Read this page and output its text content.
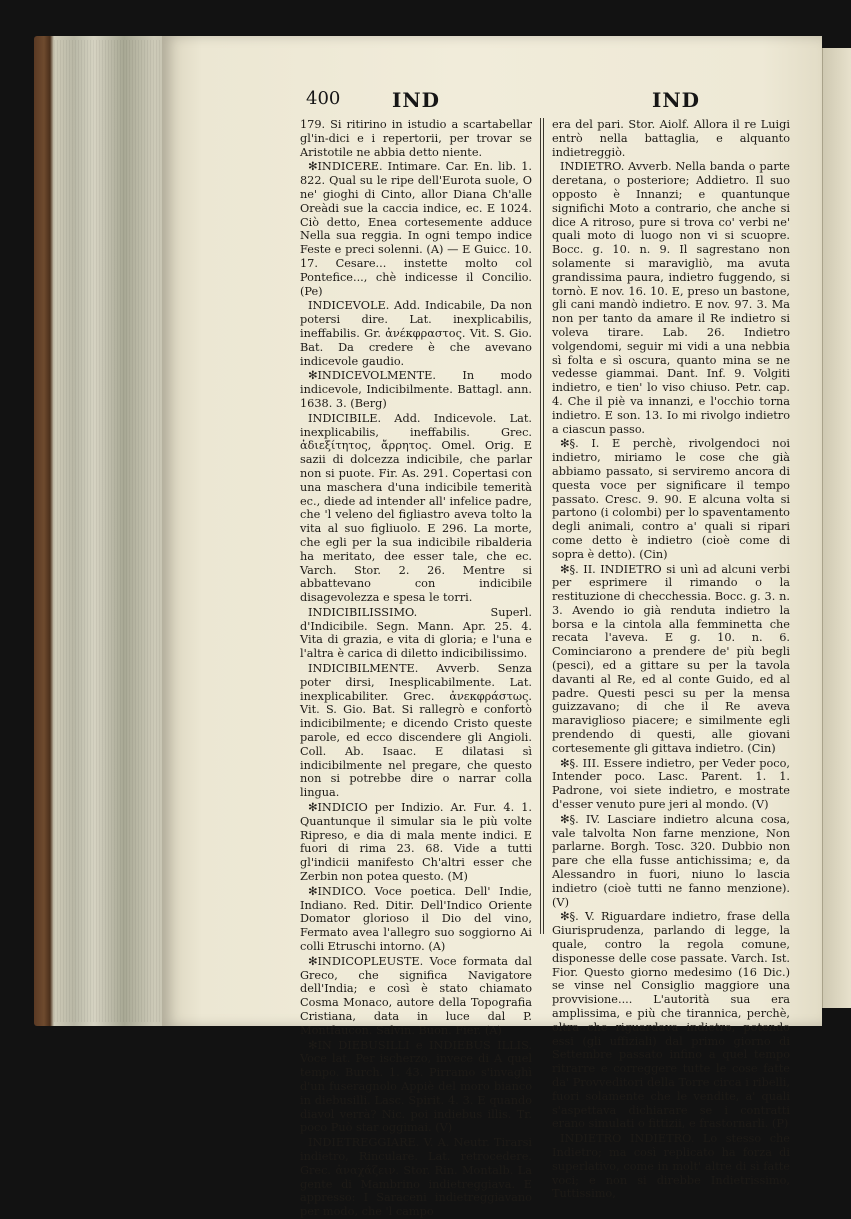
400	IND	IND

179. Si ritirino in istudio a scartabellar gl'in-dici e i repertorii, per trovar se Aristotile ne abbia detto niente.

✻INDICERE. Intimare. Car. En. lib. 1. 822. Qual su le ripe dell'Eurota suole, O ne' gioghi di Cinto, allor Diana Ch'alle Oreàdi sue la caccia indice, ec. E 1024. Ciò detto, Enea cortesemente adduce Nella sua reggia. In ogni tempo indice Feste e preci solenni. (A) — E Guicc. 10. 17. Cesare... instette molto col Pontefice..., chè indicesse il Concilio. (Pe)

INDICEVOLE. Add. Indicabile, Da non potersi dire. Lat. inexplicabilis, ineffabilis. Gr. ἀνέκφραστος. Vit. S. Gio. Bat. Da credere è che avevano indicevole gaudio.

✻INDICEVOLMENTE. In modo indicevole, Indicibilmente. Battagl. ann. 1638. 3. (Berg)

INDICIBILE. Add. Indicevole. Lat. inexplicabilis, ineffabilis. Grec. ἀδιεξίτητος, ἄρρητος. Omel. Orig. E sazii di dolcezza indicibile, che parlar non si puote. Fir. As. 291. Copertasi con una maschera d'una indicibile temerità ec., diede ad intender all' infelice padre, che 'l veleno del figliastro aveva tolto la vita al suo figliuolo. E 296. La morte, che egli per la sua indicibile ribalderia ha meritato, dee esser tale, che ec. Varch. Stor. 2. 26. Mentre si abbattevano con indicibile disagevolezza e spesa le torri.

INDICIBILISSIMO. Superl. d'Indicibile. Segn. Mann. Apr. 25. 4. Vita di grazia, e vita di gloria; e l'una e l'altra è carica di diletto indicibilissimo.

INDICIBILMENTE. Avverb. Senza poter dirsi, Inesplicabilmente. Lat. inexplicabiliter. Grec. ἀνεκφράστως. Vit. S. Gio. Bat. Si rallegrò e confortò indicibilmente; e dicendo Cristo queste parole, ed ecco discendere gli Angioli. Coll. Ab. Isaac. E dilatasi sì indicibilmente nel pregare, che questo non si potrebbe dire o narrar colla lingua.

✻INDICIO per Indizio. Ar. Fur. 4. 1. Quantunque il simular sia le più volte Ripreso, e dia di mala mente indici. E fuori di rima 23. 68. Vide a tutti gl'indicii manifesto Ch'altri esser che Zerbin non potea questo. (M)

✻INDICO. Voce poetica. Dell' Indie, Indiano. Red. Ditir. Dell'Indico Oriente Domator glorioso il Dio del vino, Fermato avea l'allegro suo soggiorno Ai colli Etruschi intorno. (A)

✻INDICOPLEUSTE. Voce formata dal Greco, che significa Navigatore dell'India; e così è stato chiamato Cosma Monaco, autore della Topografia Cristiana, data in luce dal P. Montfaucon. Salvin. Buon. Fier. (A)

✻IN DIEBUSILLI e INDIEBUS ILLIS. Voce lat. Per ischerzo, invece di A quel tempo. Burch. 1. 43. Pirramo s'invaghì d'un fuseragnolo Appiè del moro bianco in diebusilli. Lasc. Spirit. 4. 3. E quando diavol verrà? Nic. poi indiebus illis. Tr. poco Può star oggimai. (V)

INDIETREGGIARE. V. A. Neutr. Tirarsi indietro, Rinculare. Lat. retrocedere. Grec. ἀναχάζειν. Stor. Rin. Montalb. La gente di Mambrino indietreggiava. E appresso: I Saraceni indietreggiavano per modo, che 'l campo

era del pari. Stor. Aiolf. Allora il re Luigi entrò nella battaglia, e alquanto indietreggiò.

INDIETRO. Avverb. Nella banda o parte deretana, o posteriore; Addietro. Il suo opposto è Innanzi; e quantunque significhi Moto a contrario, che anche si dice A ritroso, pure si trova co' verbi ne' quali moto di luogo non vi si scuopre. Bocc. g. 10. n. 9. Il sagrestano non solamente si maravigliò, ma avuta grandissima paura, indietro fuggendo, si tornò. E nov. 16. 10. E, preso un bastone, gli cani mandò indietro. E nov. 97. 3. Ma non per tanto da amare il Re indietro si voleva tirare. Lab. 26. Indietro volgendomi, seguir mi vidi a una nebbia sì folta e sì oscura, quanto mina se ne vedesse giammai. Dant. Inf. 9. Volgiti indietro, e tien' lo viso chiuso. Petr. cap. 4. Che il piè va innanzi, e l'occhio torna indietro. E son. 13. Io mi rivolgo indietro a ciascun passo.

✻§. I. E perchè, rivolgendoci noi indietro, miriamo le cose che già abbiamo passato, si serviremo ancora di questa voce per significare il tempo passato. Cresc. 9. 90. E alcuna volta si partono (i colombi) per lo spaventamento degli animali, contro a' quali si ripari come detto è indietro (cioè come di sopra è detto). (Cin)

✻§. II. INDIETRO si unì ad alcuni verbi per esprimere il rimando o la restituzione di checchessia. Bocc. g. 3. n. 3. Avendo io già renduta indietro la borsa e la cintola alla femminetta che recata l'aveva. E g. 10. n. 6. Cominciarono a prendere de' più begli (pesci), ed a gittare su per la tavola davanti al Re, ed al conte Guido, ed al padre. Questi pesci su per la mensa guizzavano; di che il Re aveva maraviglioso piacere; e similmente egli prendendo di questi, alle giovani cortesemente gli gittava indietro. (Cin)

✻§. III. Essere indietro, per Veder poco, Intender poco. Lasc. Parent. 1. 1. Padrone, voi siete indietro, e mostrate d'esser venuto pure jeri al mondo. (V)

✻§. IV. Lasciare indietro alcuna cosa, vale talvolta Non farne menzione, Non parlarne. Borgh. Tosc. 320. Dubbio non pare che ella fusse antichissima; e, da Alessandro in fuori, niuno lo lascia indietro (cioè tutti ne fanno menzione). (V)

✻§. V. Riguardare indietro, frase della Giurisprudenza, parlando di legge, la quale, contro la regola comune, disponesse delle cose passate. Varch. Ist. Fior. Questo giorno medesimo (16 Dic.) se vinse nel Consiglio maggiore una provvisione.... L'autorità sua era amplissima, e più che tirannica, perchè, oltra che riguardava indietro, potendo essi (gli uffiziali) dal primo giorno di Settembre passato infino a quel tempo ritrarre e correggere tutte le cose fatte da' Provveditori della Torre circa i ribelli, fuori solamente che le vendite, a' quali s'aspettava dichiarare se i contratti erano simulati o fittizii, e frastornarli. (P)

INDIETRO INDIETRO. Lo stesso che Indietro; ma così replicato ha forza di superlativo, come in molt' altre di sì fatte voci; e non si direbbe Indietrissimo, Tuttissimo,
